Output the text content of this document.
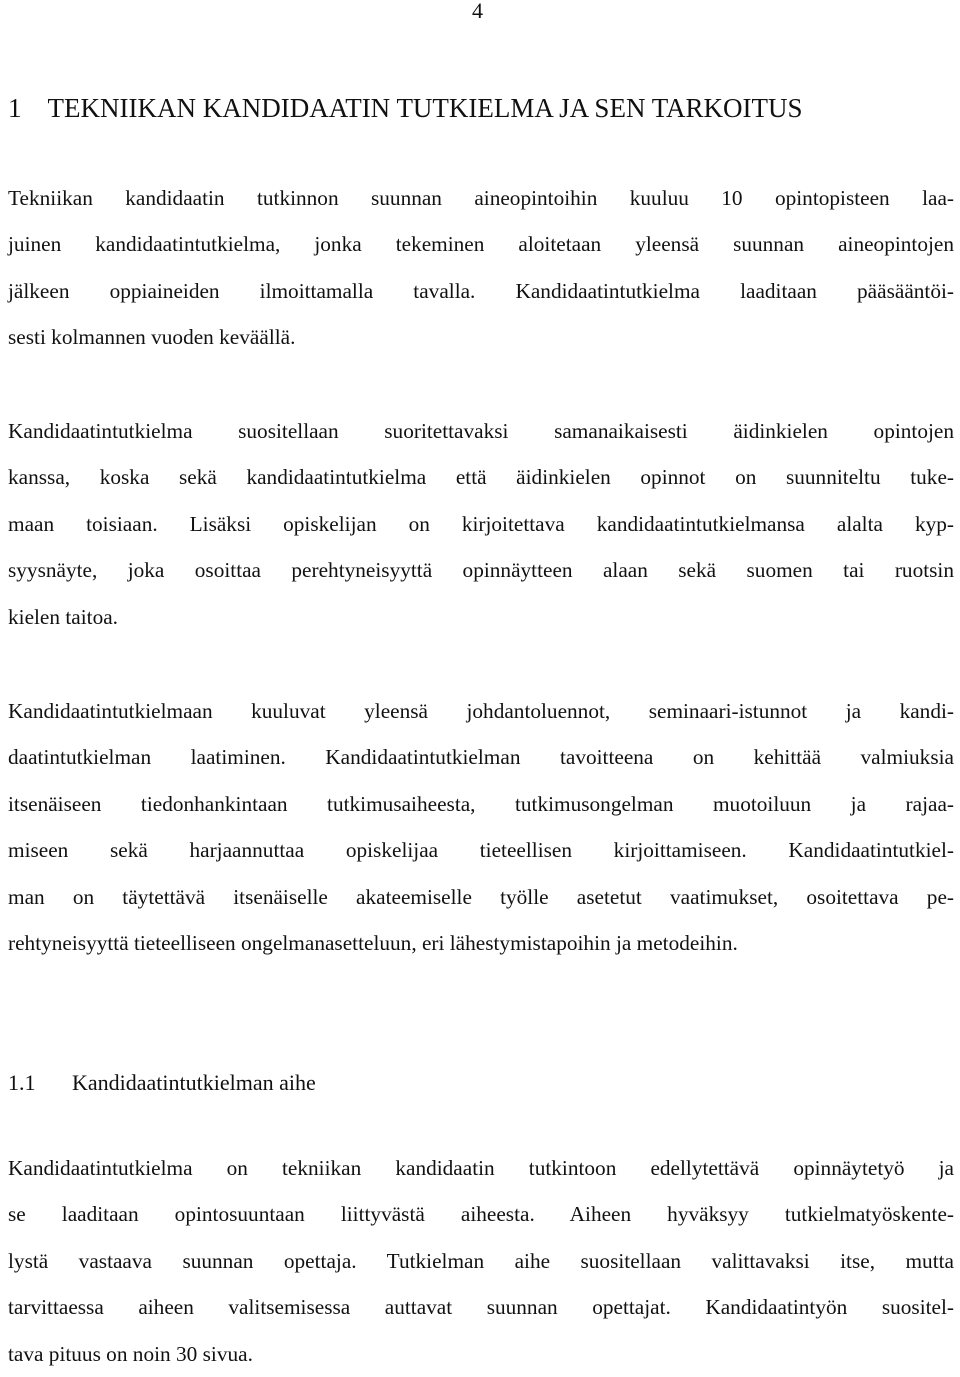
4
1 TEKNIIKAN KANDIDAATIN TUTKIELMA JA SEN TARKOITUS

Tekniikan kandidaatin tutkinnon suunnan aineopintoihin kuuluu 10 opintopisteen laa-
juinen kandidaatintutkielma, jonka tekeminen aloitetaan yleensä suunnan aineopintojen
jälkeen oppiaineiden ilmoittamalla tavalla. Kandidaatintutkielma laaditaan pääsääntöi-
sesti kolmannen vuoden keväällä.

Kandidaatintutkielma suositellaan suoritettavaksi samanaikaisesti äidinkielen opintojen
kanssa, koska sekä kandidaatintutkielma että äidinkielen opinnot on suunniteltu tuke-
maan toisiaan. Lisäksi opiskelijan on kirjoitettava kandidaatintutkielmansa alalta kyp-
syysnäyte, joka osoittaa perehtyneisyyttä opinnäytteen alaan sekä suomen tai ruotsin
kielen taitoa.

Kandidaatintutkielmaan kuuluvat yleensä johdantoluennot, seminaari-istunnot ja kandi-
daatintutkielman laatiminen. Kandidaatintutkielman tavoitteena on kehittää valmiuksia
itsenäiseen tiedonhankintaan tutkimusaiheesta, tutkimusongelman muotoiluun ja rajaa-
miseen sekä harjaannuttaa opiskelijaa tieteellisen kirjoittamiseen. Kandidaatintutkiel-
man on täytettävä itsenäiselle akateemiselle työlle asetetut vaatimukset, osoitettava pe-
rehtyneisyyttä tieteelliseen ongelmanasetteluun, eri lähestymistapoihin ja metodeihin.

1.1 Kandidaatintutkielman aihe

Kandidaatintutkielma on tekniikan kandidaatin tutkintoon edellytettävä opinnäytetyö ja
se laaditaan opintosuuntaan liittyvästä aiheesta. Aiheen hyväksyy tutkielmatyöskente-
lystä vastaava suunnan opettaja. Tutkielman aihe suositellaan valittavaksi itse, mutta
tarvittaessa aiheen valitsemisessa auttavat suunnan opettajat. Kandidaatintyön suositel-
tava pituus on noin 30 sivua.
